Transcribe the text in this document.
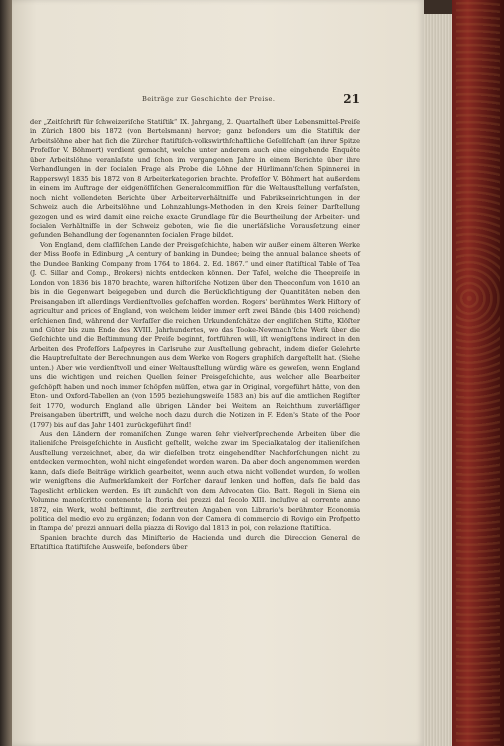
Beiträge zur Geschichte der Preise.	21

der „Zeitſchrift für ſchweizeriſche Statiſtik“ IX. Jahrgang, 2. Quartalheft über Lebensmittel-Preiſe in Zürich 1800 bis 1872 (von Bertelsmann) hervor; ganz beſonders um die Statiſtik der Arbeitslöhne aber hat ſich die Zürcher ſtatiſtiſch-volkswirthſchaftliche Geſellſchaft (an ihrer Spitze Profeſſor V. Böhmert) verdient gemacht, welche unter anderem auch eine eingehende Enquête über Arbeitslöhne veranlaſste und ſchon im vergangenen Jahre in einem Berichte über ihre Verhandlungen in der ſocialen Frage als Probe die Löhne der Hürlimann'ſchen Spinnerei in Rapperswyl 1835 bis 1872 von 8 Arbeiterkategorien brachte. Profeſſor V. Böhmert hat außerdem in einem im Auftrage der eidgenöſſiſchen Generalcommiſſion für die Weltausſtellung verfaſsten, noch nicht vollendeten Berichte über Arbeiterverhältniſſe und Fabrikseinrichtungen in der Schweiz auch die Arbeitslöhne und Lohnzahlungs-Methoden in den Kreis ſeiner Darſtellung gezogen und es wird damit eine reiche exacte Grundlage für die Beurtheilung der Arbeiter- und ſocialen Verhältniſſe in der Schweiz geboten, wie ſie die unerläſsliche Vorausſetzung einer geſunden Behandlung der ſogenannten ſocialen Frage bildet.

Von England, dem claſſiſchen Lande der Preisgeſchichte, haben wir außer einem älteren Werke der Miss Boofe in Edinburg „A century of banking in Dundee; being the annual balance sheets of the Dundee Banking Company from 1764 to 1864. 2. Ed. 1867.“ und einer ſtatiſtical Table of Tea (J. C. Sillar and Comp., Brokers) nichts entdecken können. Der Tafel, welche die Theepreiſe in London von 1836 bis 1870 brachte, waren hiſtoriſche Notizen über den Theeconſum von 1610 an bis in die Gegenwart beigegeben und durch die Berückſichtigung der Quantitäten neben den Preisangaben iſt allerdings Verdienſtvolles geſchaffen worden. Rogers' berühmtes Werk Hiſtory of agricultur and prices of England, von welchem leider immer erſt zwei Bände (bis 1400 reichend) erſchienen ſind, während der Verfaſſer die reichen Urkundenſchätze der engliſchen Stifte, Klöſter und Güter bis zum Ende des XVIII. Jahrhundertes, wo das Tooke-Newmach'ſche Werk über die Geſchichte und die Beſtimmung der Preiſe beginnt, fortführen will, iſt wenigſtens indirect in den Arbeiten des Profeſſors Laſpeyres in Carlsruhe zur Ausſtellung gebracht, indem dieſer Gelehrte die Hauptreſultate der Berechnungen aus dem Werke von Rogers graphiſch dargeſtellt hat. (Siehe unten.) Aber wie verdienſtvoll und einer Weltausſtellung würdig wäre es geweſen, wenn England uns die wichtigen und reichen Quellen ſeiner Preisgeſchichte, aus welcher alle Bearbeiter geſchöpft haben und noch immer ſchöpfen müſſen, etwa gar in Original, vorgeführt hätte, von den Eton- und Oxford-Tabellen an (von 1595 beziehungsweiſe 1583 an) bis auf die amtlichen Regiſter ſeit 1770, wodurch England alle übrigen Länder bei Weitem an Reichthum zuverläſſiger Preisangaben übertrifft, und welche noch dazu durch die Notizen in F. Eden's State of the Poor (1797) bis auf das Jahr 1401 zurückgeführt ſind!

Aus den Ländern der romaniſchen Zunge waren ſehr vielverſprechende Arbeiten über die italieniſche Preisgeſchichte in Ausſicht geſtellt, welche zwar im Specialkatalog der italieniſchen Ausſtellung verzeichnet, aber, da wir dieſelben trotz eingehendſter Nachforſchungen nicht zu entdecken vermochten, wohl nicht eingeſendet worden waren. Da aber doch angenommen werden kann, daſs dieſe Beiträge wirklich gearbeitet, wenn auch etwa nicht vollendet wurden, ſo wollen wir wenigſtens die Aufmerkſamkeit der Forſcher darauf lenken und hoffen, daſs ſie bald das Tageslicht erblicken werden. Es iſt zunächſt von dem Advocaten Gio. Batt. Regoli in Siena ein Volumne manoſcritto contenente la ſtoria dei prezzi dal ſecolo XIII. incluſive al corrente anno 1872, ein Werk, wohl beſtimmt, die zerſtreuten Angaben von Librario's berühmter Economia politica del medio evo zu ergänzen; ſodann von der Camera di commercio di Rovigo ein Profpetto in ſtampa de' prezzi annuari della piazza di Rovigo dal 1813 in poi, con relazione ſtatiſtica.

Spanien brachte durch das Miniſterio de Hacienda und durch die Direccion General de Eſtatiſtica ſtatiſtiſche Ausweiſe, beſonders über
